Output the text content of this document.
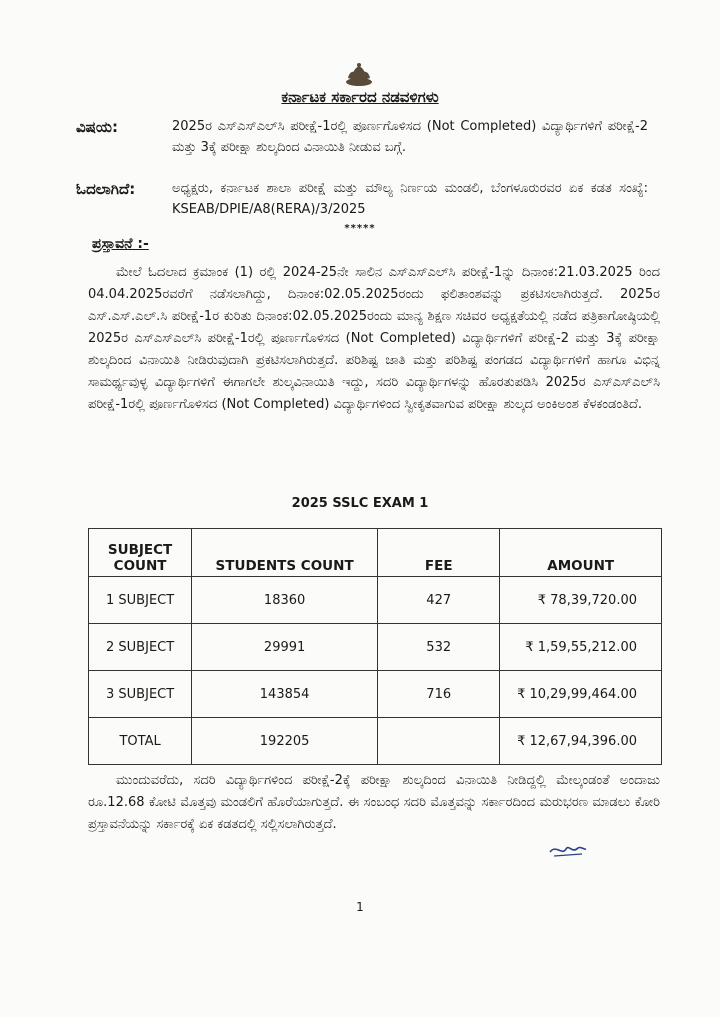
ಕರ್ನಾಟಕ ಸರ್ಕಾರದ ನಡವಳಿಗಳು
ವಿಷಯ:	2025ರ ಎಸ್ಎಸ್ಎಲ್‌ಸಿ ಪರೀಕ್ಷೆ-1ರಲ್ಲಿ ಪೂರ್ಣಗೊಳಿಸದ (Not Completed) ವಿದ್ಯಾರ್ಥಿಗಳಿಗೆ ಪರೀಕ್ಷೆ-2 ಮತ್ತು 3ಕ್ಕೆ ಪರೀಕ್ಷಾ ಶುಲ್ಕದಿಂದ ವಿನಾಯಿತಿ ನೀಡುವ ಬಗ್ಗೆ.
ಓದಲಾಗಿದೆ:	ಅಧ್ಯಕ್ಷರು, ಕರ್ನಾಟಕ ಶಾಲಾ ಪರೀಕ್ಷೆ ಮತ್ತು ಮೌಲ್ಯ ನಿರ್ಣಯ ಮಂಡಲಿ, ಬೆಂಗಳೂರುರವರ ಏಕ ಕಡತ ಸಂಖ್ಯೆ: KSEAB/DPIE/A8(RERA)/3/2025
*****
ಪ್ರಸ್ತಾವನೆ :-
ಮೇಲೆ ಓದಲಾದ ಕ್ರಮಾಂಕ (1) ರಲ್ಲಿ 2024-25ನೇ ಸಾಲಿನ ಎಸ್ಎಸ್ಎಲ್‌ಸಿ ಪರೀಕ್ಷೆ-1ನ್ನು ದಿನಾಂಕ:21.03.2025 ರಿಂದ 04.04.2025ರವರೆಗೆ ನಡೆಸಲಾಗಿದ್ದು, ದಿನಾಂಕ:02.05.2025ರಂದು ಫಲಿತಾಂಶವನ್ನು ಪ್ರಕಟಿಸಲಾಗಿರುತ್ತದೆ. 2025ರ ಎಸ್.ಎಸ್.ಎಲ್.ಸಿ ಪರೀಕ್ಷೆ-1ರ ಕುರಿತು ದಿನಾಂಕ:02.05.2025ರಂದು ಮಾನ್ಯ ಶಿಕ್ಷಣ ಸಚಿವರ ಅಧ್ಯಕ್ಷತೆಯಲ್ಲಿ ನಡೆದ ಪತ್ರಿಕಾಗೋಷ್ಠಿಯಲ್ಲಿ 2025ರ ಎಸ್ಎಸ್ಎಲ್‌ಸಿ ಪರೀಕ್ಷೆ-1ರಲ್ಲಿ ಪೂರ್ಣಗೊಳಿಸದ (Not Completed) ವಿದ್ಯಾರ್ಥಿಗಳಿಗೆ ಪರೀಕ್ಷೆ-2 ಮತ್ತು 3ಕ್ಕೆ ಪರೀಕ್ಷಾ ಶುಲ್ಕದಿಂದ ವಿನಾಯಿತಿ ನೀಡಿರುವುದಾಗಿ ಪ್ರಕಟಿಸಲಾಗಿರುತ್ತದೆ. ಪರಿಶಿಷ್ಟ ಜಾತಿ ಮತ್ತು ಪರಿಶಿಷ್ಟ ಪಂಗಡದ ವಿದ್ಯಾರ್ಥಿಗಳಿಗೆ ಹಾಗೂ ವಿಭಿನ್ನ ಸಾಮರ್ಥ್ಯವುಳ್ಳ ವಿದ್ಯಾರ್ಥಿಗಳಿಗೆ ಈಗಾಗಲೇ ಶುಲ್ಕವಿನಾಯಿತಿ ಇದ್ದು, ಸದರಿ ವಿದ್ಯಾರ್ಥಿಗಳನ್ನು ಹೊರತುಪಡಿಸಿ 2025ರ ಎಸ್ಎಸ್ಎಲ್‌ಸಿ ಪರೀಕ್ಷೆ-1ರಲ್ಲಿ ಪೂರ್ಣಗೊಳಿಸದ (Not Completed) ವಿದ್ಯಾರ್ಥಿಗಳಿಂದ ಸ್ವೀಕೃತವಾಗುವ ಪರೀಕ್ಷಾ ಶುಲ್ಕದ ಅಂಕಿಅಂಶ ಕೆಳಕಂಡಂತಿದೆ.
2025 SSLC EXAM 1
SUBJECT COUNT	STUDENTS COUNT	FEE	AMOUNT
1 SUBJECT	18360	427	₹ 78,39,720.00
2 SUBJECT	29991	532	₹ 1,59,55,212.00
3 SUBJECT	143854	716	₹ 10,29,99,464.00
TOTAL	192205		₹ 12,67,94,396.00
ಮುಂದುವರೆದು, ಸದರಿ ವಿದ್ಯಾರ್ಥಿಗಳಿಂದ ಪರೀಕ್ಷೆ-2ಕ್ಕೆ ಪರೀಕ್ಷಾ ಶುಲ್ಕದಿಂದ ವಿನಾಯಿತಿ ನೀಡಿದ್ದಲ್ಲಿ ಮೇಲ್ಕಂಡಂತೆ ಅಂದಾಜು ರೂ.12.68 ಕೋಟಿ ಮೊತ್ತವು ಮಂಡಲಿಗೆ ಹೊರೆಯಾಗುತ್ತದೆ. ಈ ಸಂಬಂಧ ಸದರಿ ಮೊತ್ತವನ್ನು ಸರ್ಕಾರದಿಂದ ಮರುಭರಣ ಮಾಡಲು ಕೋರಿ ಪ್ರಸ್ತಾವನೆಯನ್ನು ಸರ್ಕಾರಕ್ಕೆ ಏಕ ಕಡತದಲ್ಲಿ ಸಲ್ಲಿಸಲಾಗಿರುತ್ತದೆ.
1
